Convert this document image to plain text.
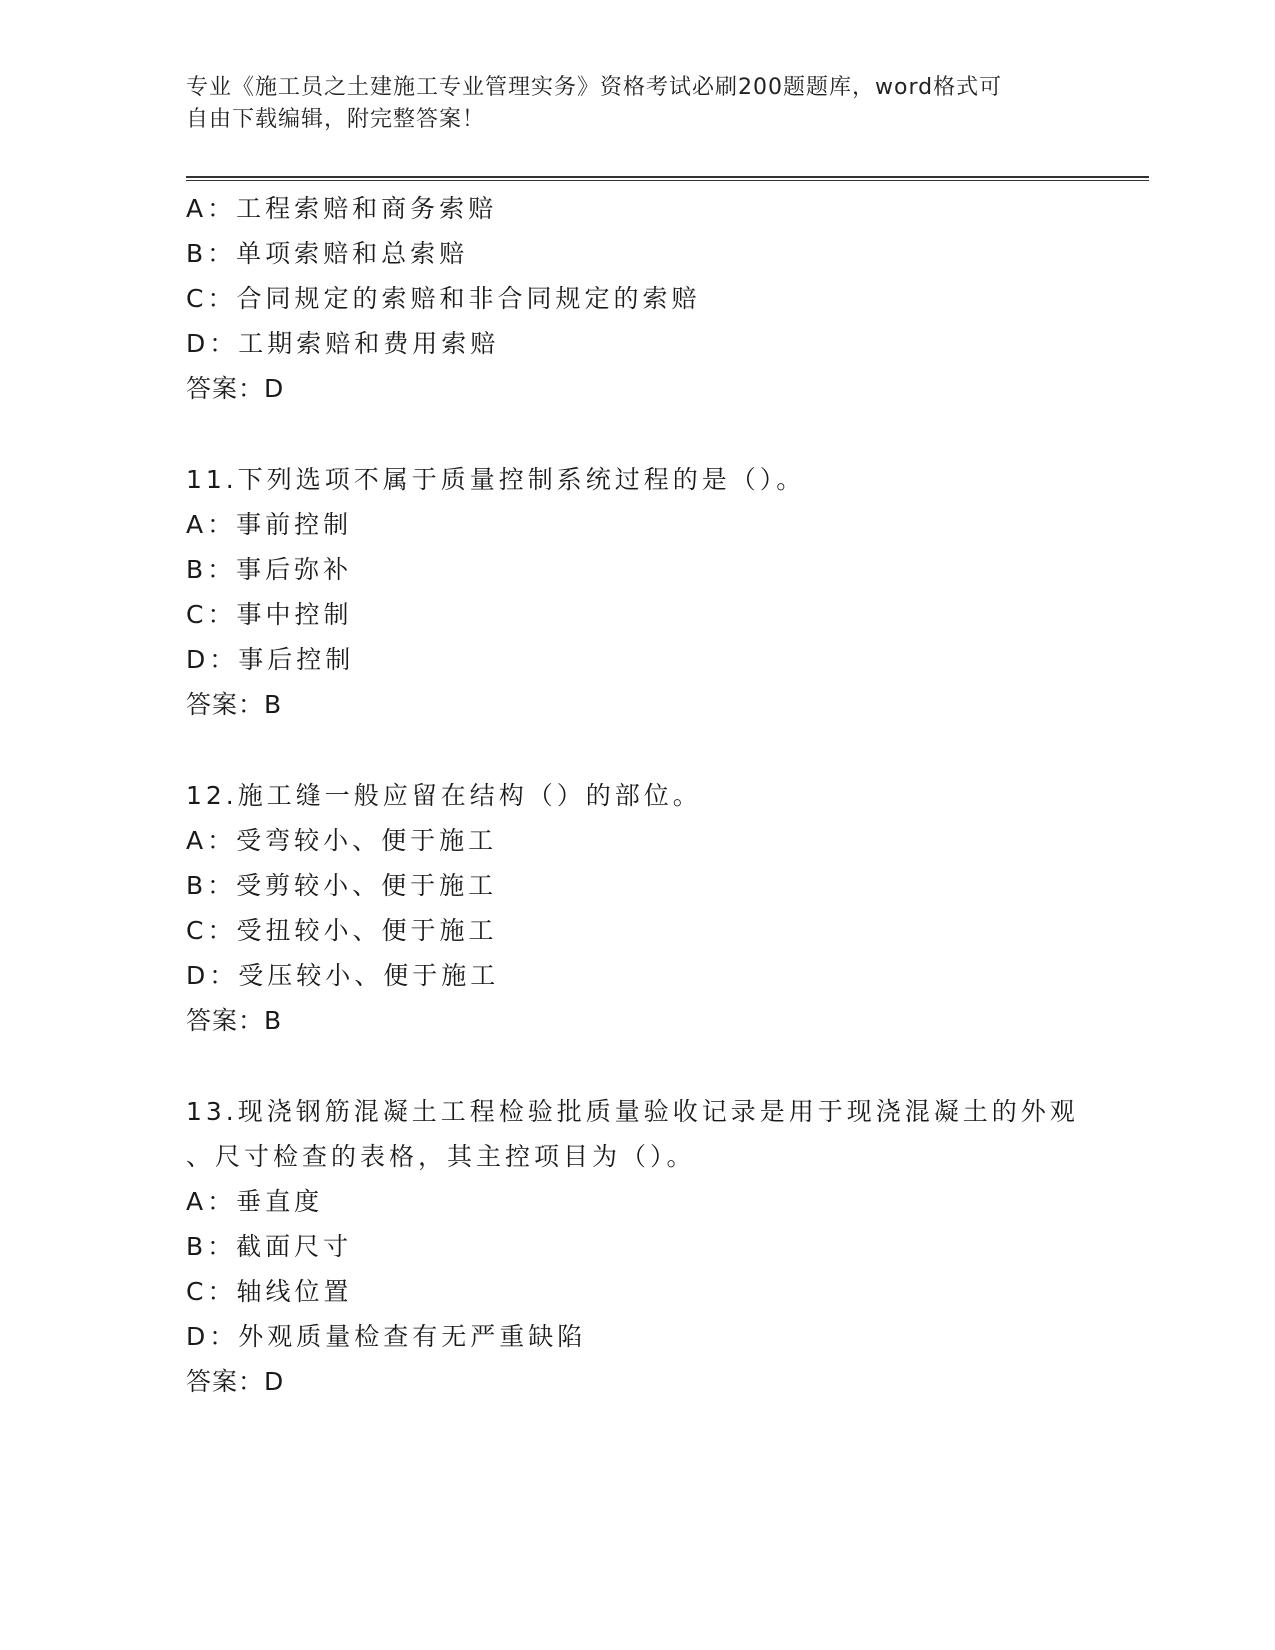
专业《施工员之土建施工专业管理实务》资格考试必刷200题题库，word格式可
自由下载编辑，附完整答案！
A：工程索赔和商务索赔
B：单项索赔和总索赔
C：合同规定的索赔和非合同规定的索赔
D：工期索赔和费用索赔
答案：D
11.下列选项不属于质量控制系统过程的是（）。
A：事前控制
B：事后弥补
C：事中控制
D：事后控制
答案：B
12.施工缝一般应留在结构（）的部位。
A：受弯较小、便于施工
B：受剪较小、便于施工
C：受扭较小、便于施工
D：受压较小、便于施工
答案：B
13.现浇钢筋混凝土工程检验批质量验收记录是用于现浇混凝土的外观
、尺寸检查的表格，其主控项目为（）。
A：垂直度
B：截面尺寸
C：轴线位置
D：外观质量检查有无严重缺陷
答案：D
